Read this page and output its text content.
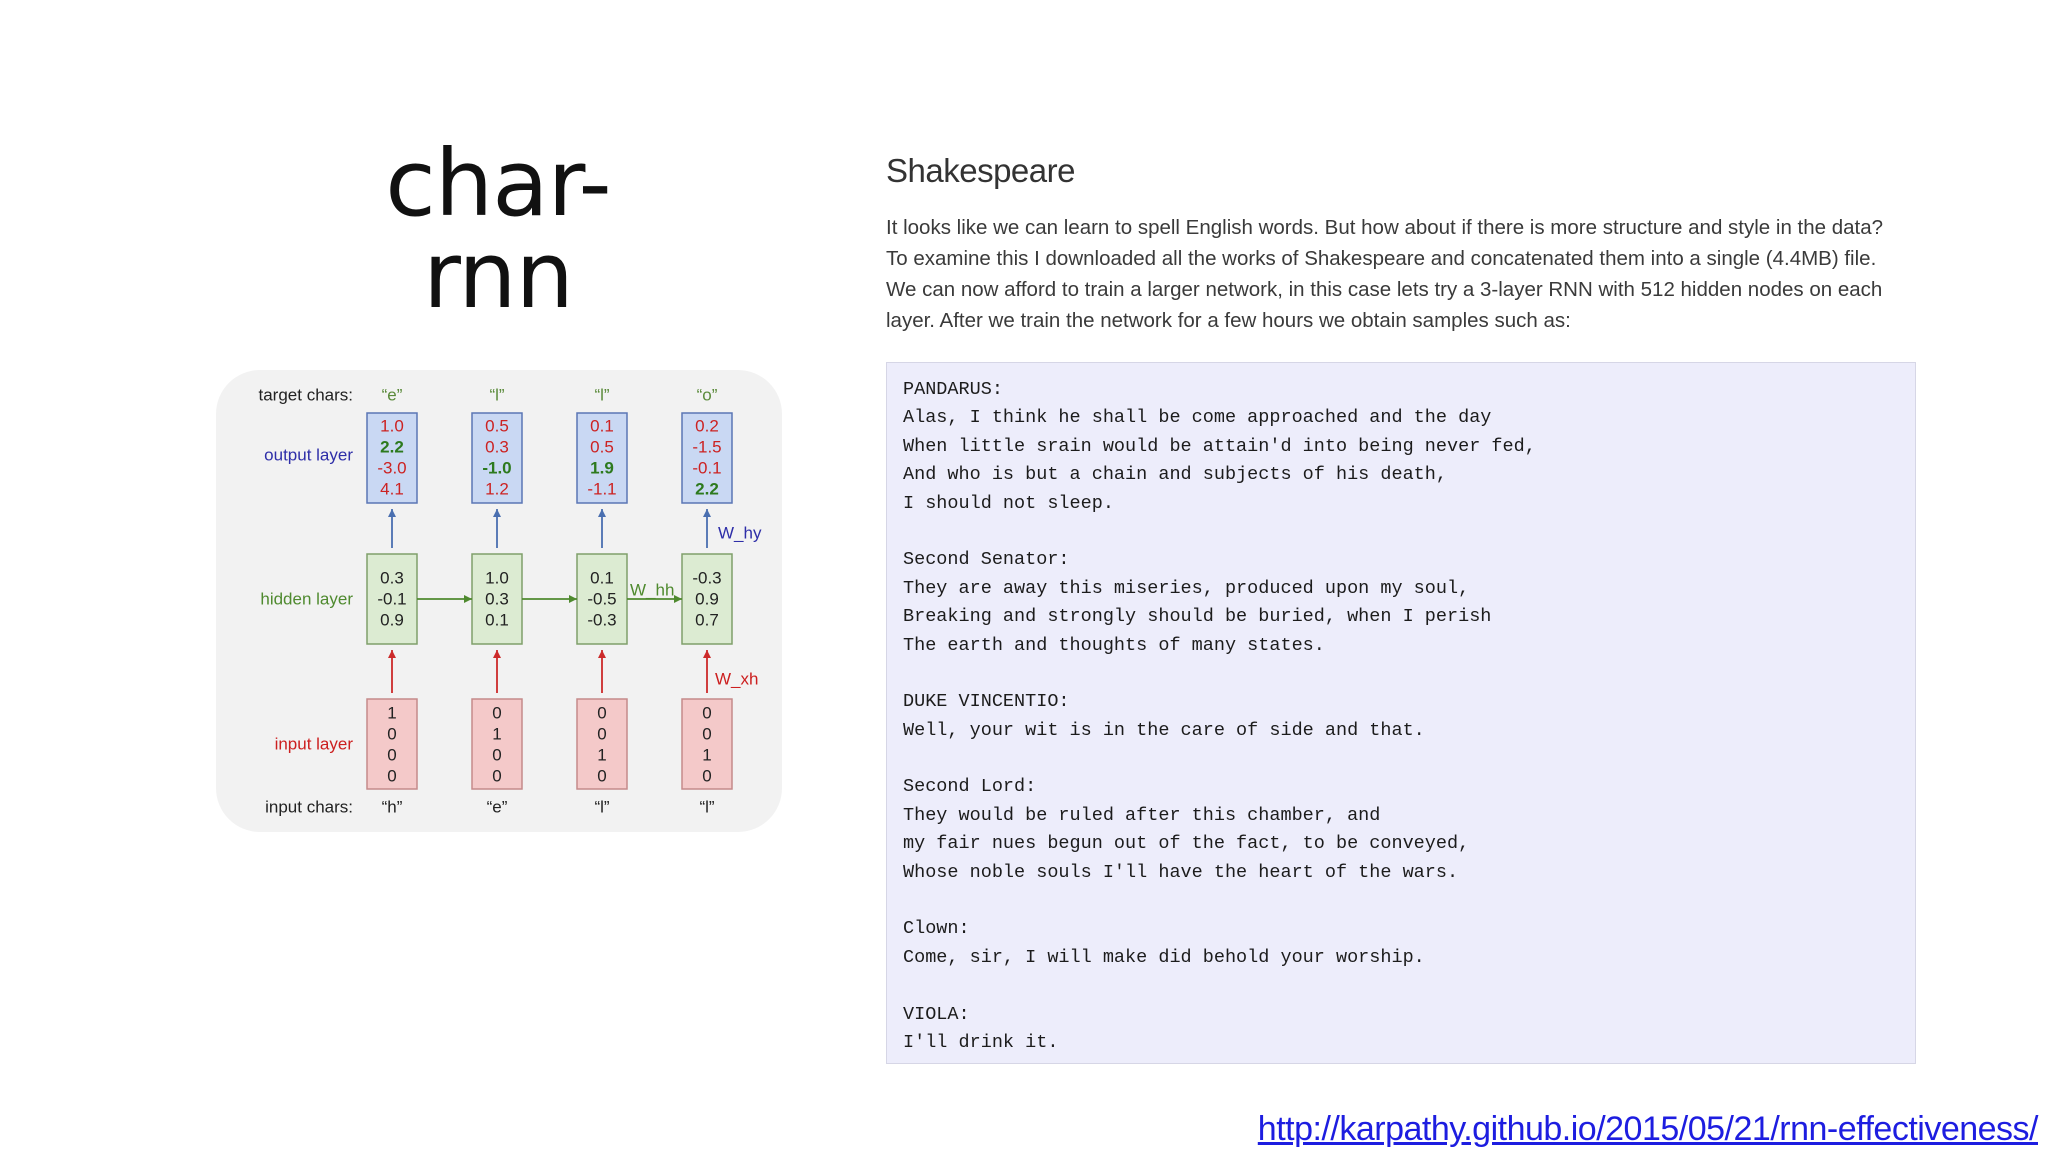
char-rnn
target chars:
output layer
hidden layer
input layer
input chars:
“e”
1.0
2.2
-3.0
4.1
“l”
0.5
0.3
-1.0
1.2
“l”
0.1
0.5
1.9
-1.1
“o”
0.2
-1.5
-0.1
2.2
0.3
-0.1
0.9
1.0
0.3
0.1
0.1
-0.5
-0.3
-0.3
0.9
0.7
1
0
0
0
“h”
0
1
0
0
“e”
0
0
1
0
“l”
0
0
1
0
“l”
W_hy
W_hh
W_xh
Shakespeare
It looks like we can learn to spell English words. But how about if there is more structure and style in the data?
To examine this I downloaded all the works of Shakespeare and concatenated them into a single (4.4MB) file.
We can now afford to train a larger network, in this case lets try a 3-layer RNN with 512 hidden nodes on each
layer. After we train the network for a few hours we obtain samples such as:
PANDARUS:
Alas, I think he shall be come approached and the day
When little srain would be attain'd into being never fed,
And who is but a chain and subjects of his death,
I should not sleep.
Second Senator:
They are away this miseries, produced upon my soul,
Breaking and strongly should be buried, when I perish
The earth and thoughts of many states.
DUKE VINCENTIO:
Well, your wit is in the care of side and that.
Second Lord:
They would be ruled after this chamber, and
my fair nues begun out of the fact, to be conveyed,
Whose noble souls I'll have the heart of the wars.
Clown:
Come, sir, I will make did behold your worship.
VIOLA:
I'll drink it.
http://karpathy.github.io/2015/05/21/rnn-effectiveness/
